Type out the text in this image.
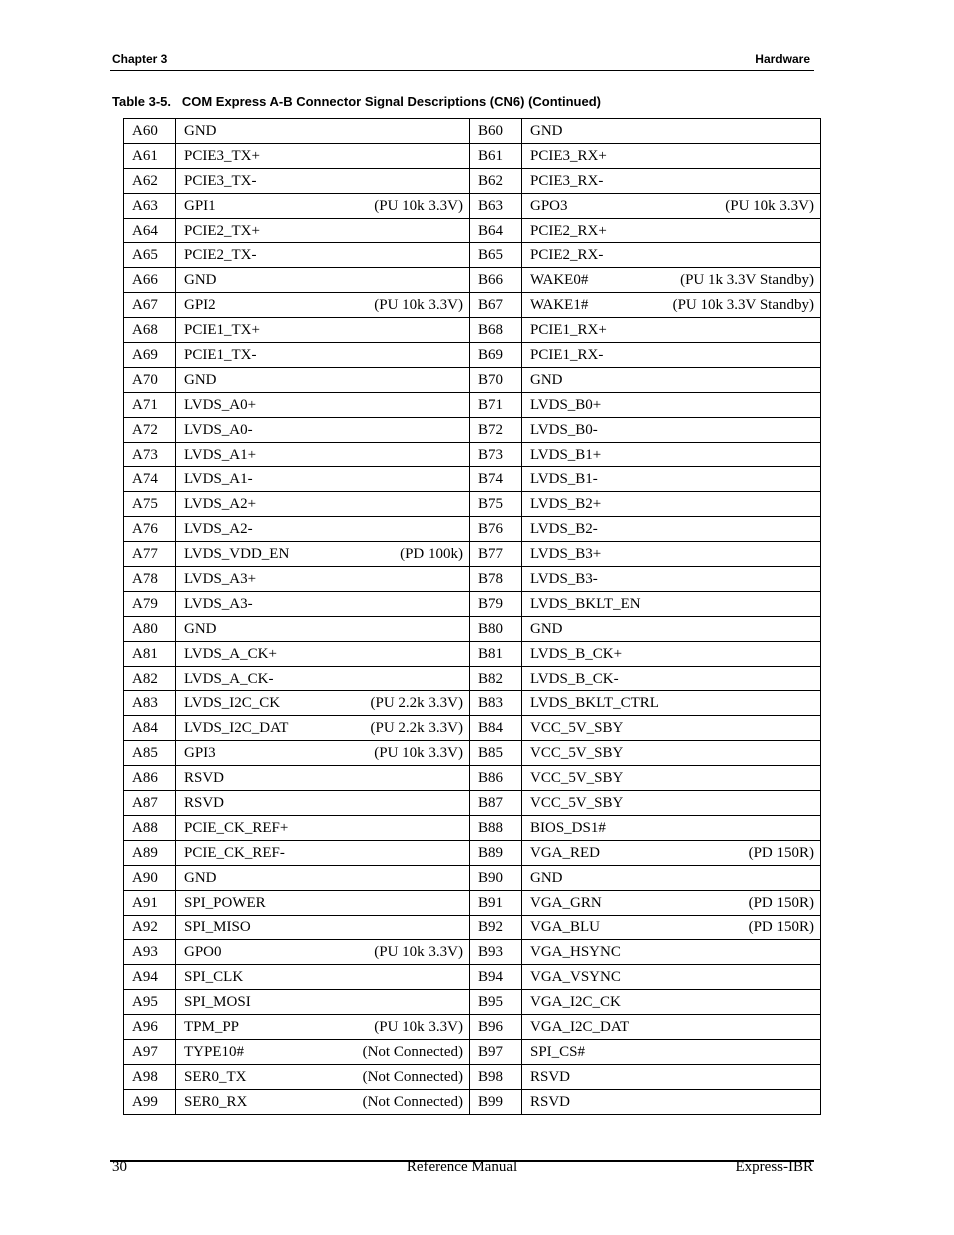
Chapter 3	Hardware
Table 3-5.   COM Express A-B Connector Signal Descriptions (CN6) (Continued)
A60	GND	B60	GND

A61	PCIE3_TX+	B61	PCIE3_RX+

A62	PCIE3_TX-	B62	PCIE3_RX-

A63	GPI1 (PU 10k 3.3V)	B63	GPO3 (PU 10k 3.3V)

A64	PCIE2_TX+	B64	PCIE2_RX+

A65	PCIE2_TX-	B65	PCIE2_RX-

A66	GND	B66	WAKE0# (PU 1k 3.3V Standby)

A67	GPI2 (PU 10k 3.3V)	B67	WAKE1# (PU 10k 3.3V Standby)

A68	PCIE1_TX+	B68	PCIE1_RX+

A69	PCIE1_TX-	B69	PCIE1_RX-

A70	GND	B70	GND

A71	LVDS_A0+	B71	LVDS_B0+

A72	LVDS_A0-	B72	LVDS_B0-

A73	LVDS_A1+	B73	LVDS_B1+

A74	LVDS_A1-	B74	LVDS_B1-

A75	LVDS_A2+	B75	LVDS_B2+

A76	LVDS_A2-	B76	LVDS_B2-

A77	LVDS_VDD_EN (PD 100k)	B77	LVDS_B3+

A78	LVDS_A3+	B78	LVDS_B3-

A79	LVDS_A3-	B79	LVDS_BKLT_EN

A80	GND	B80	GND

A81	LVDS_A_CK+	B81	LVDS_B_CK+

A82	LVDS_A_CK-	B82	LVDS_B_CK-

A83	LVDS_I2C_CK (PU 2.2k 3.3V)	B83	LVDS_BKLT_CTRL

A84	LVDS_I2C_DAT (PU 2.2k 3.3V)	B84	VCC_5V_SBY

A85	GPI3 (PU 10k 3.3V)	B85	VCC_5V_SBY

A86	RSVD	B86	VCC_5V_SBY

A87	RSVD	B87	VCC_5V_SBY

A88	PCIE_CK_REF+	B88	BIOS_DS1#

A89	PCIE_CK_REF-	B89	VGA_RED (PD 150R)

A90	GND	B90	GND

A91	SPI_POWER	B91	VGA_GRN (PD 150R)

A92	SPI_MISO	B92	VGA_BLU (PD 150R)

A93	GPO0 (PU 10k 3.3V)	B93	VGA_HSYNC

A94	SPI_CLK	B94	VGA_VSYNC

A95	SPI_MOSI	B95	VGA_I2C_CK

A96	TPM_PP (PU 10k 3.3V)	B96	VGA_I2C_DAT

A97	TYPE10# (Not Connected)	B97	SPI_CS#

A98	SER0_TX (Not Connected)	B98	RSVD

A99	SER0_RX (Not Connected)	B99	RSVD
30	Reference Manual	Express-IBR
